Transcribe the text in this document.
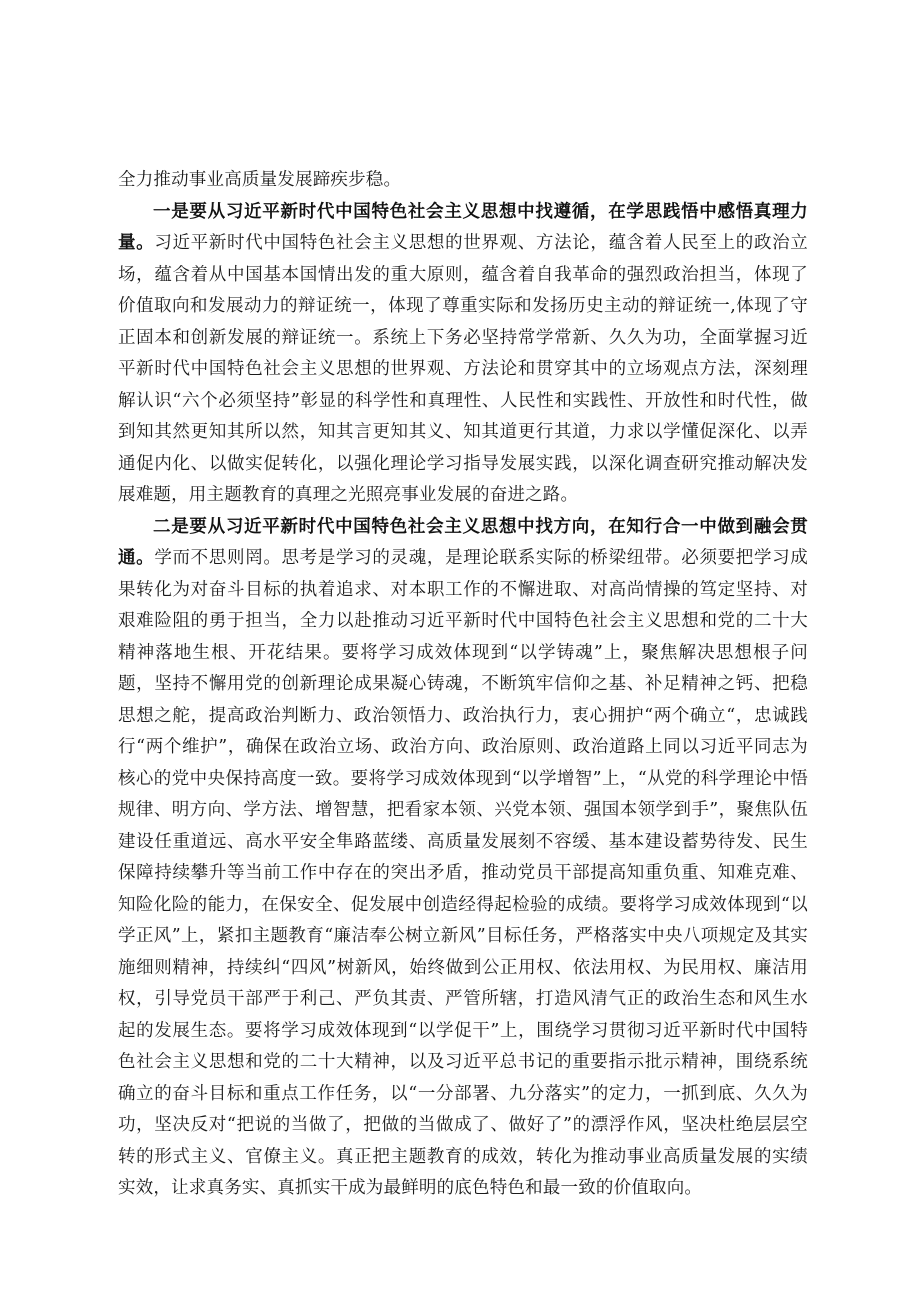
全力推动事业高质量发展蹄疾步稳。

一是要从习近平新时代中国特色社会主义思想中找遵循，在学思践悟中感悟真理力量。习近平新时代中国特色社会主义思想的世界观、方法论，蕴含着人民至上的政治立场，蕴含着从中国基本国情出发的重大原则，蕴含着自我革命的强烈政治担当，体现了价值取向和发展动力的辩证统一，体现了尊重实际和发扬历史主动的辩证统一,体现了守正固本和创新发展的辩证统一。系统上下务必坚持常学常新、久久为功，全面掌握习近平新时代中国特色社会主义思想的世界观、方法论和贯穿其中的立场观点方法，深刻理解认识“六个必须坚持”彰显的科学性和真理性、人民性和实践性、开放性和时代性，做到知其然更知其所以然，知其言更知其义、知其道更行其道，力求以学懂促深化、以弄通促内化、以做实促转化，以强化理论学习指导发展实践，以深化调查研究推动解决发展难题，用主题教育的真理之光照亮事业发展的奋进之路。

二是要从习近平新时代中国特色社会主义思想中找方向，在知行合一中做到融会贯通。学而不思则罔。思考是学习的灵魂，是理论联系实际的桥梁纽带。必须要把学习成果转化为对奋斗目标的执着追求、对本职工作的不懈进取、对高尚情操的笃定坚持、对艰难险阻的勇于担当，全力以赴推动习近平新时代中国特色社会主义思想和党的二十大精神落地生根、开花结果。要将学习成效体现到“以学铸魂”上，聚焦解决思想根子问题，坚持不懈用党的创新理论成果凝心铸魂，不断筑牢信仰之基、补足精神之钙、把稳思想之舵，提高政治判断力、政治领悟力、政治执行力，衷心拥护“两个确立“，忠诚践行“两个维护”，确保在政治立场、政治方向、政治原则、政治道路上同以习近平同志为核心的党中央保持高度一致。要将学习成效体现到“以学增智”上，“从党的科学理论中悟规律、明方向、学方法、增智慧，把看家本领、兴党本领、强国本领学到手”，聚焦队伍建设任重道远、高水平安全隼路蓝缕、高质量发展刻不容缓、基本建设蓄势待发、民生保障持续攀升等当前工作中存在的突出矛盾，推动党员干部提高知重负重、知难克难、知险化险的能力，在保安全、促发展中创造经得起检验的成绩。要将学习成效体现到“以学正风”上，紧扣主题教育“廉洁奉公树立新风”目标任务，严格落实中央八项规定及其实施细则精神，持续纠“四风”树新风，始终做到公正用权、依法用权、为民用权、廉洁用权，引导党员干部严于利己、严负其责、严管所辖，打造风清气正的政治生态和风生水起的发展生态。要将学习成效体现到“以学促干”上，围绕学习贯彻习近平新时代中国特色社会主义思想和党的二十大精神，以及习近平总书记的重要指示批示精神，围绕系统确立的奋斗目标和重点工作任务，以“一分部署、九分落实”的定力，一抓到底、久久为功，坚决反对“把说的当做了，把做的当做成了、做好了”的漂浮作风，坚决杜绝层层空转的形式主义、官僚主义。真正把主题教育的成效，转化为推动事业高质量发展的实绩实效，让求真务实、真抓实干成为最鲜明的底色特色和最一致的价值取向。
